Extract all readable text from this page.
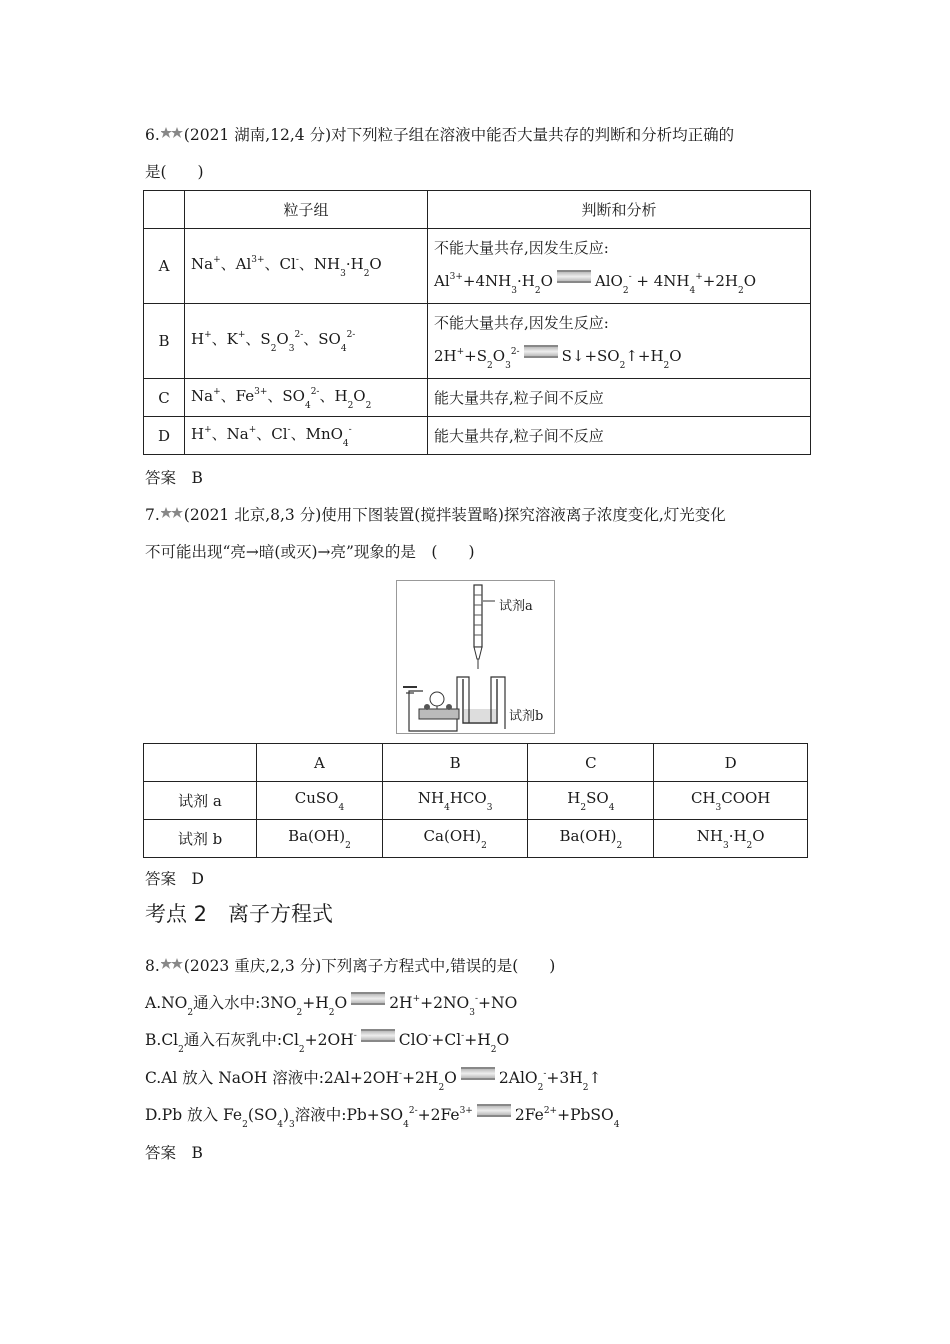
6. (2021 湖南,12,4 分)对下列粒子组在溶液中能否大量共存的判断和分析均正确的
是(　　)
	粒子组	判断和分析
A	Na+、$Al^{3+}$、Cl-、$NH_3\cdot H_2O$	不能大量共存,因发生反应:
$Al^{3+}+4NH_3\cdot H_2O$ $AlO_2^- + 4NH_4^++2H_2O$

B	H+、K+、$S_2O_3^{2-}$、$SO_4^{2-}$	不能大量共存,因发生反应:
$2H^++S_2O_3^{2-}$ $S↓+SO_2↑+H_2O$

C	Na+、$Fe^{3+}$、$SO_4^{2-}$、$H_2O_2$	能大量共存,粒子间不反应
D	H+、Na+、Cl-、MnO$_4$-	能大量共存,粒子间不反应
答案　B
7. (2021 北京,8,3 分)使用下图装置(搅拌装置略)探究溶液离子浓度变化,灯光变化
不可能出现“亮→暗(或灭)→亮”现象的是　(　　)
试剂a
试剂b
	A	B	C	D
试剂 a	CuSO$_4$	$NH_4HCO_3$	$H_2SO_4$	$CH_3COOH$
试剂 b	$Ba(OH)_2$	$Ca(OH)_2$	$Ba(OH)_2$	$NH_3\cdot H_2O$
答案　D
考点 2　离子方程式
8. (2023 重庆,2,3 分)下列离子方程式中,错误的是(　　)
$A.NO_2$通入水中$:3NO_2+H_2O$	$2H^++2NO_3^-+NO$
$B.Cl_2$通入石灰乳中$:Cl_2+2OH^-$	$ClO^-+Cl^-+H_2O$
C.Al 放入 NaOH 溶液中$:2Al+2OH^-+2H_2O$	$2AlO_2^-+3H_2↑$
D.Pb 放入 $Fe_2(SO_4)_3$溶液中$:Pb+SO_4^{2-}+2Fe^{3+}$	$2Fe^{2+}+PbSO_4$
答案　B
